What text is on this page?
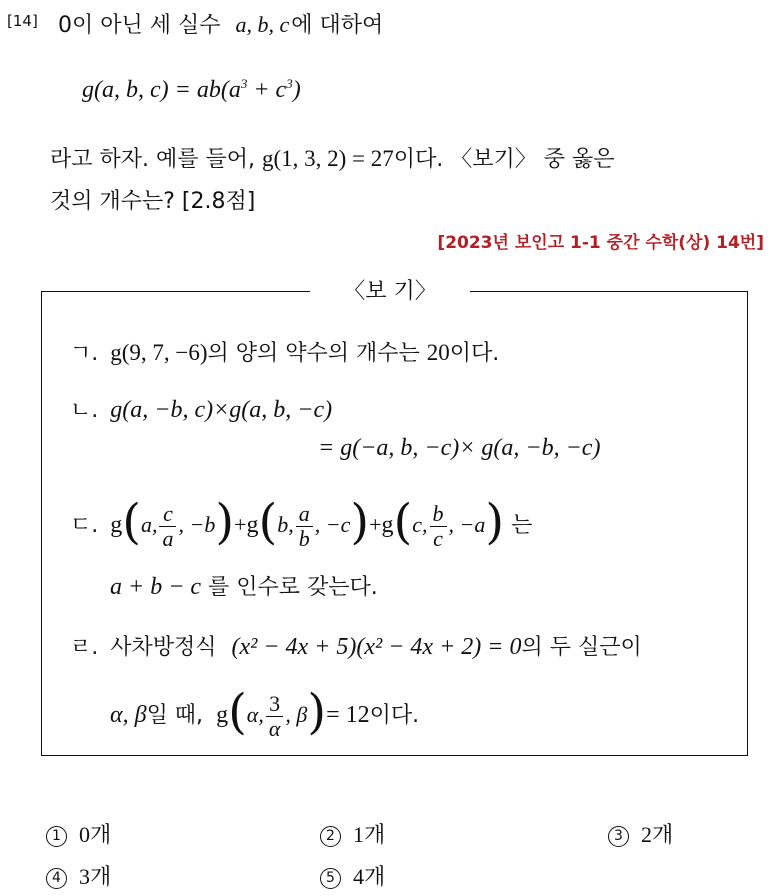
[14] 0이 아닌 세 실수 a, b, c에 대하여
g(a, b, $c) = ab(a^3 + c^3)$
라고 하자. 예를 들어, g(1, 3, 2) = 27이다. 〈보기〉 중 옳은
것의 개수는? [2.8점]
[2023년 보인고 1-1 중간 수학(상) 14번]
〈보 기〉
ㄱ. g(9, 7, −6)의 양의 약수의 개수는 20이다.
ㄴ. g(a, −b, c)×g(a, b, −c)
= g(−a, b, −c)× g(a, −b, −c)
ㄷ. g(a, $\frac{c}{a}$ , −b)+g(b, $\frac{a}{b}$ , −c)+g(c, $\frac{b}{c}$ , −a) 는
a + b − c 를 인수로 갖는다.
ㄹ. 사차방정식 (x² − 4x + 5)(x² − 4x + 2) = 0의 두 실근이
α, β일 때, g(α, $\frac{3}{\alpha}$ , β)= 12이다.
1 0개	2 1개	3 2개
4 3개	5 4개
